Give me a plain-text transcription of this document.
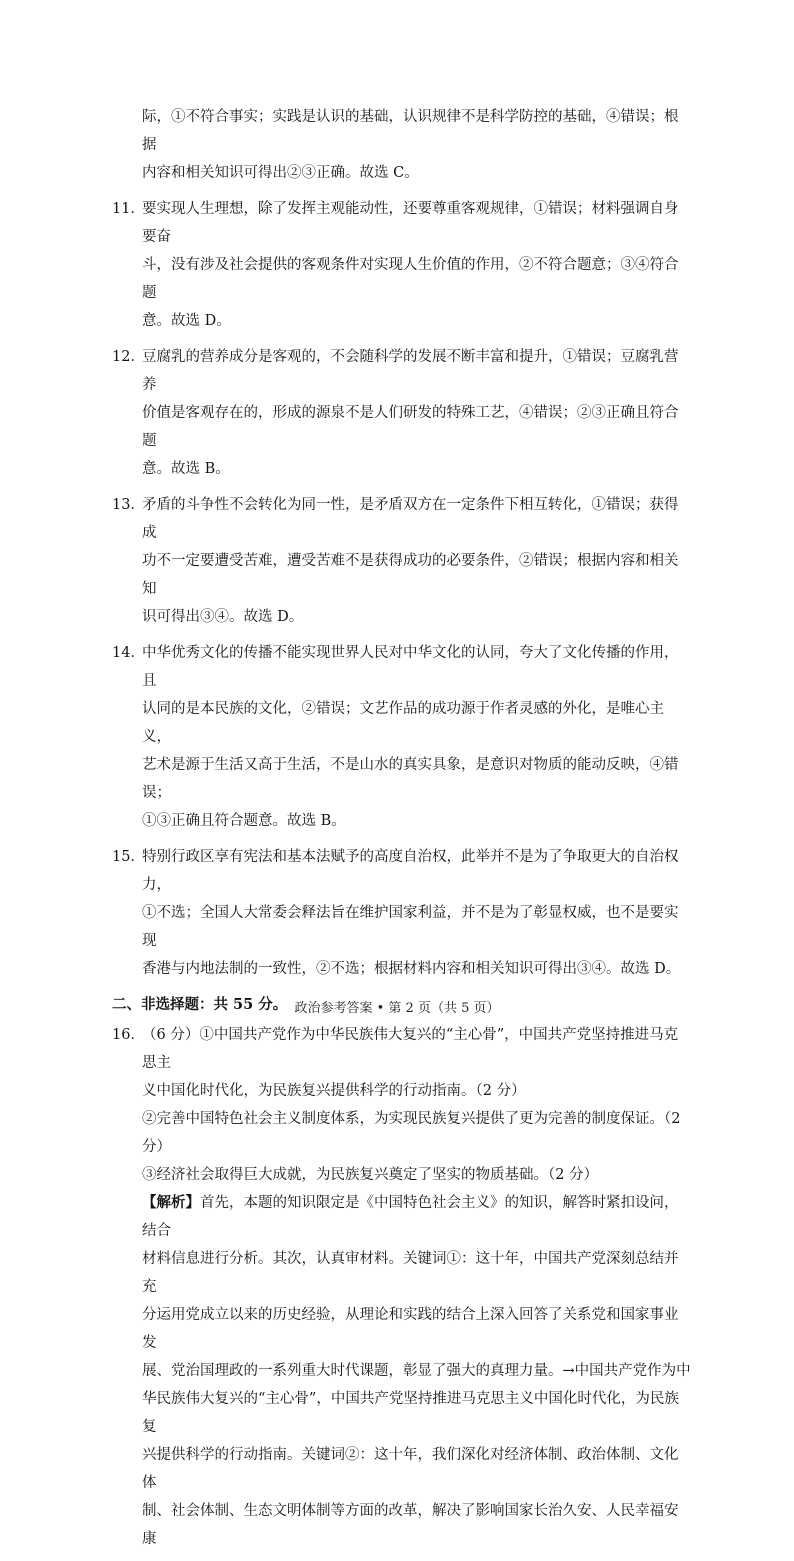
际，①不符合事实；实践是认识的基础，认识规律不是科学防控的基础，④错误；根据

内容和相关知识可得出②③正确。故选 C。

11．

要实现人生理想，除了发挥主观能动性，还要尊重客观规律，①错误；材料强调自身要奋

斗，没有涉及社会提供的客观条件对实现人生价值的作用，②不符合题意；③④符合题

意。故选 D。

12．

豆腐乳的营养成分是客观的，不会随科学的发展不断丰富和提升，①错误；豆腐乳营养

价值是客观存在的，形成的源泉不是人们研发的特殊工艺，④错误；②③正确且符合题

意。故选 B。

13．

矛盾的斗争性不会转化为同一性，是矛盾双方在一定条件下相互转化，①错误；获得成

功不一定要遭受苦难，遭受苦难不是获得成功的必要条件，②错误；根据内容和相关知

识可得出③④。故选 D。

14．

中华优秀文化的传播不能实现世界人民对中华文化的认同，夸大了文化传播的作用，且

认同的是本民族的文化，②错误；文艺作品的成功源于作者灵感的外化，是唯心主义，

艺术是源于生活又高于生活，不是山水的真实具象，是意识对物质的能动反映，④错误；

①③正确且符合题意。故选 B。

15．

特别行政区享有宪法和基本法赋予的高度自治权，此举并不是为了争取更大的自治权力，

①不选；全国人大常委会释法旨在维护国家利益，并不是为了彰显权威，也不是要实现

香港与内地法制的一致性，②不选；根据材料内容和相关知识可得出③④。故选 D。

二、非选择题：共 55 分。

16．

（6 分）①中国共产党作为中华民族伟大复兴的“主心骨”，中国共产党坚持推进马克思主

义中国化时代化，为民族复兴提供科学的行动指南。（2 分）

②完善中国特色社会主义制度体系，为实现民族复兴提供了更为完善的制度保证。（2 分）

③经济社会取得巨大成就，为民族复兴奠定了坚实的物质基础。（2 分）

【解析】首先，本题的知识限定是《中国特色社会主义》的知识，解答时紧扣设问，结合

材料信息进行分析。其次，认真审材料。关键词①：这十年，中国共产党深刻总结并充

分运用党成立以来的历史经验，从理论和实践的结合上深入回答了关系党和国家事业发

展、党治国理政的一系列重大时代课题，彰显了强大的真理力量。→中国共产党作为中

华民族伟大复兴的“主心骨”，中国共产党坚持推进马克思主义中国化时代化，为民族复

兴提供科学的行动指南。关键词②：这十年，我们深化对经济体制、政治体制、文化体

制、社会体制、生态文明体制等方面的改革，解决了影响国家长治久安、人民幸福安康

政治参考答案 • 第 2 页（共 5 页）
